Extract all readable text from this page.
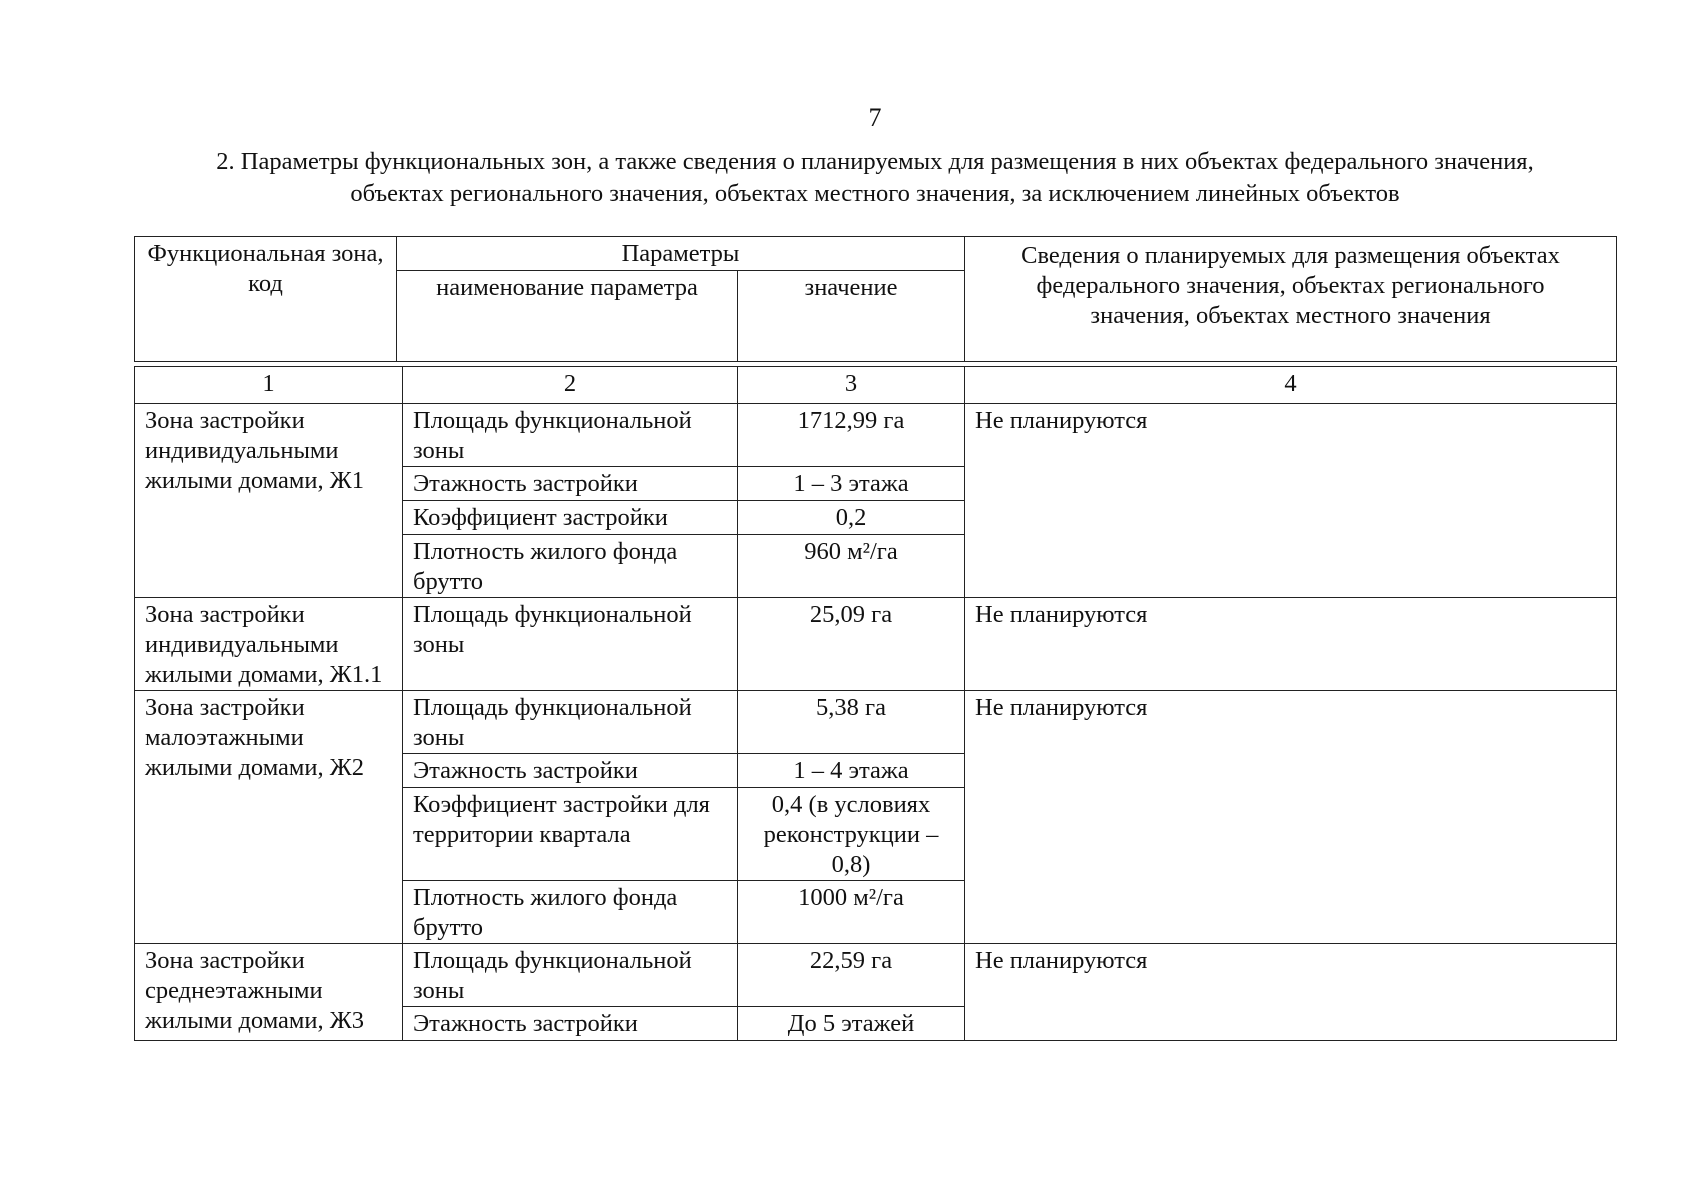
7
2. Параметры функциональных зон, а также сведения о планируемых для размещения в них объектах федерального значения,
объектах регионального значения, объектах местного значения, за исключением линейных объектов
Функциональная зона, код	Параметры		Сведения о планируемых для размещения объектах федерального значения, объектах регионального значения, объектах местного значения
	наименование параметра	значение	
1	2	3	4
Зона застройки индивидуальными жилыми домами, Ж1	Площадь функциональной зоны	1712,99 га	Не планируются
	Этажность застройки	1 – 3 этажа	
	Коэффициент застройки	0,2	
	Плотность жилого фонда брутто	960 м²/га	
Зона застройки индивидуальными жилыми домами, Ж1.1	Площадь функциональной зоны	25,09 га	Не планируются
Зона застройки малоэтажными жилыми домами, Ж2	Площадь функциональной зоны	5,38 га	Не планируются
	Этажность застройки	1 – 4 этажа	
	Коэффициент застройки для территории квартала	0,4 (в условиях реконструкции – 0,8)	
	Плотность жилого фонда брутто	1000 м²/га	
Зона застройки среднеэтажными жилыми домами, Ж3	Площадь функциональной зоны	22,59 га	Не планируются
	Этажность застройки	До 5 этажей	
